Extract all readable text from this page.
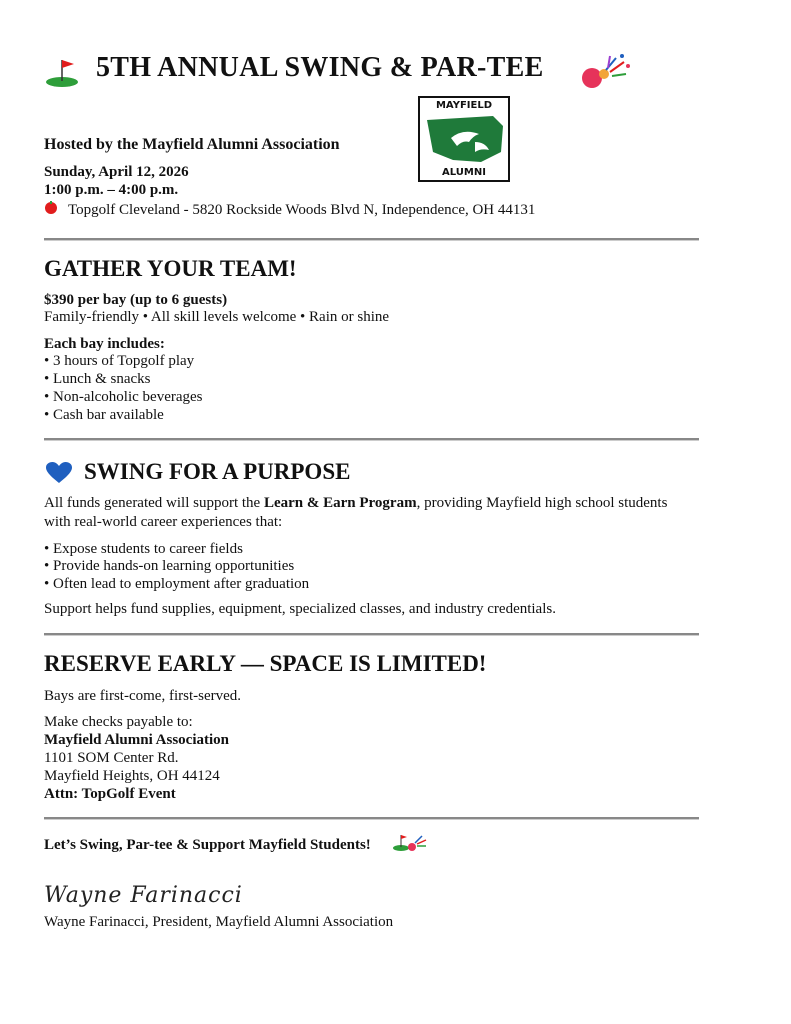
5TH ANNUAL SWING & PAR-TEE
MAYFIELD
ALUMNI
Hosted by the Mayfield Alumni Association
Sunday, April 12, 2026
1:00 p.m. – 4:00 p.m.
Topgolf Cleveland - 5820 Rockside Woods Blvd N, Independence, OH 44131
GATHER YOUR TEAM!
$390 per bay (up to 6 guests)
Family-friendly • All skill levels welcome • Rain or shine
Each bay includes:
• 3 hours of Topgolf play
• Lunch & snacks
• Non-alcoholic beverages
• Cash bar available
SWING FOR A PURPOSE
All funds generated will support the Learn & Earn Program, providing Mayfield high school students
with real-world career experiences that:
• Expose students to career fields
• Provide hands-on learning opportunities
• Often lead to employment after graduation
Support helps fund supplies, equipment, specialized classes, and industry credentials.
RESERVE EARLY — SPACE IS LIMITED!
Bays are first-come, first-served.
Make checks payable to:
Mayfield Alumni Association
1101 SOM Center Rd.
Mayfield Heights, OH 44124
Attn: TopGolf Event
Let’s Swing, Par-tee & Support Mayfield Students!
Wayne Farinacci
Wayne Farinacci, President, Mayfield Alumni Association
